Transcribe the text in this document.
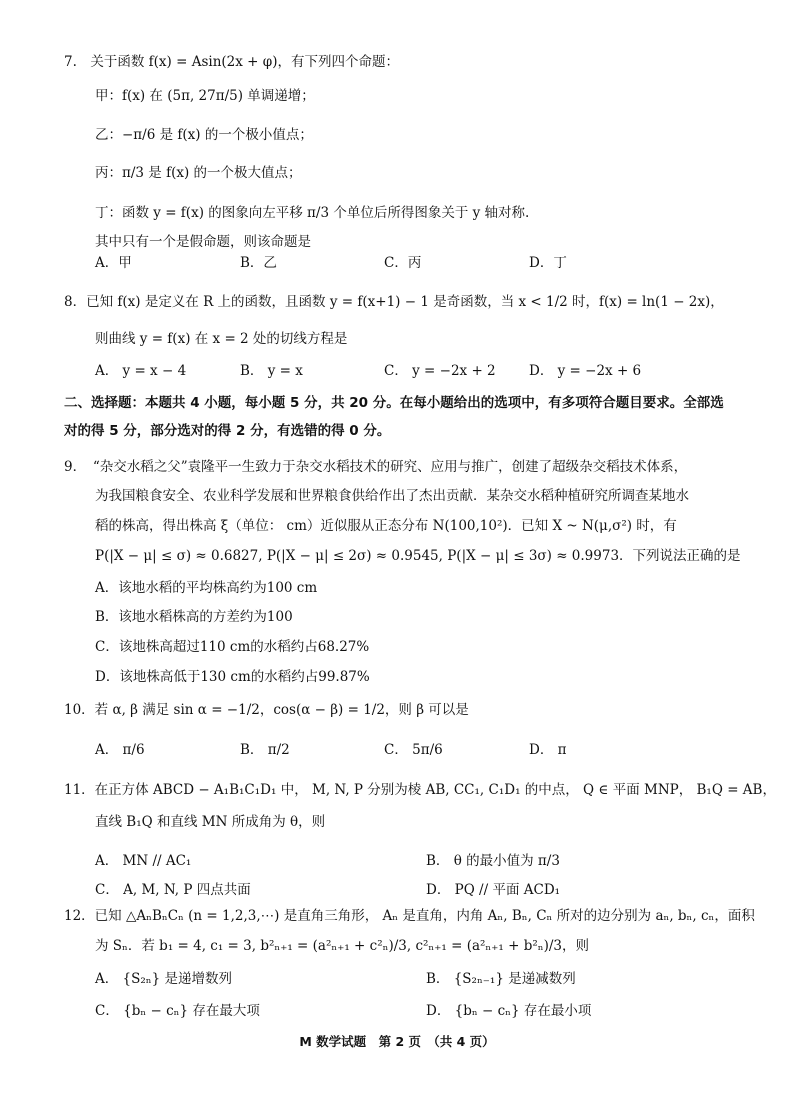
7.　关于函数 f(x) = Asin(2x + φ)，有下列四个命题：
甲：f(x) 在 (5π, 27π/5) 单调递增；
乙：−π/6 是 f(x) 的一个极小值点；
丙：π/3 是 f(x) 的一个极大值点；
丁：函数 y = f(x) 的图象向左平移 π/3 个单位后所得图象关于 y 轴对称.
其中只有一个是假命题，则该命题是
A．甲	B．乙	C．丙	D．丁
8．已知 f(x) 是定义在 R 上的函数，且函数 y = f(x+1) − 1 是奇函数，当 x < 1/2 时，f(x) = ln(1 − 2x)，
则曲线 y = f(x) 在 x = 2 处的切线方程是
A． y = x − 4	B． y = x	C． y = −2x + 2 D． y = −2x + 6
二、选择题：本题共 4 小题，每小题 5 分，共 20 分。在每小题给出的选项中，有多项符合题目要求。全部选
对的得 5 分，部分选对的得 2 分，有选错的得 0 分。
9．　“杂交水稻之父”袁隆平一生致力于杂交水稻技术的研究、应用与推广，创建了超级杂交稻技术体系，
为我国粮食安全、农业科学发展和世界粮食供给作出了杰出贡献．某杂交水稻种植研究所调查某地水
稻的株高，得出株高 ξ（单位： cm）近似服从正态分布 N(100,10²)．已知 X ~ N(μ,σ²) 时，有
P(|X − μ| ≤ σ) ≈ 0.6827, P(|X − μ| ≤ 2σ) ≈ 0.9545, P(|X − μ| ≤ 3σ) ≈ 0.9973．下列说法正确的是
A．该地水稻的平均株高约为100 cm
B．该地水稻株高的方差约为100
C．该地株高超过110 cm的水稻约占68.27%
D．该地株高低于130 cm的水稻约占99.87%
10．若 α, β 满足 sin α = −1/2，cos(α − β) = 1/2，则 β 可以是
A． π/6	B． π/2	C． 5π/6	D． π
11．在正方体 ABCD − A₁B₁C₁D₁ 中， M, N, P 分别为棱 AB, CC₁, C₁D₁ 的中点， Q ∈ 平面 MNP， B₁Q = AB，
直线 B₁Q 和直线 MN 所成角为 θ，则
A． MN // AC₁	B． θ 的最小值为 π/3
C． A, M, N, P 四点共面	D． PQ // 平面 ACD₁
12．已知 △AₙBₙCₙ (n = 1,2,3,⋯) 是直角三角形， Aₙ 是直角，内角 Aₙ, Bₙ, Cₙ 所对的边分别为 aₙ, bₙ, cₙ，面积
为 Sₙ．若 b₁ = 4, c₁ = 3, b²ₙ₊₁ = (a²ₙ₊₁ + c²ₙ)/3, c²ₙ₊₁ = (a²ₙ₊₁ + b²ₙ)/3，则
A． {S₂ₙ} 是递增数列	B． {S₂ₙ₋₁} 是递减数列
C． {bₙ − cₙ} 存在最大项	D． {bₙ − cₙ} 存在最小项
M 数学试题　第 2 页　（共 4 页）
